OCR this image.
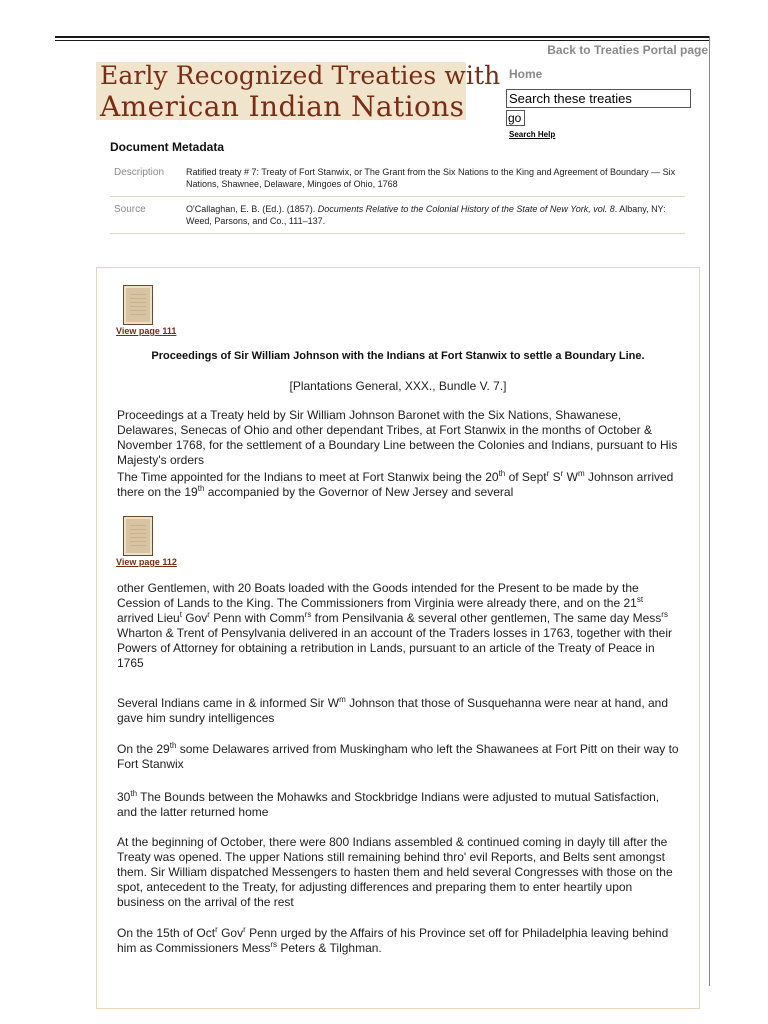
Back to Treaties Portal page
Early Recognized Treaties with
American Indian Nations
Home
Search these treaties
go
Search Help
Document Metadata
Description	Ratified treaty # 7: Treaty of Fort Stanwix, or The Grant from the Six Nations to the King and Agreement of Boundary — Six Nations, Shawnee, Delaware, Mingoes of Ohio, 1768
Source	O'Callaghan, E. B. (Ed.). (1857). Documents Relative to the Colonial History of the State of New York, vol. 8. Albany, NY: Weed, Parsons, and Co., 111–137.
View page 111
Proceedings of Sir William Johnson with the Indians at Fort Stanwix to settle a Boundary Line.
[Plantations General, XXX., Bundle V. 7.]
Proceedings at a Treaty held by Sir William Johnson Baronet with the Six Nations, Shawanese, Delawares, Senecas of Ohio and other dependant Tribes, at Fort Stanwix in the months of October & November 1768, for the settlement of a Boundary Line between the Colonies and Indians, pursuant to His Majesty's orders
The Time appointed for the Indians to meet at Fort Stanwix being the 20th of Sept$^r$ $S^r$ $W^m$ Johnson arrived there on the 19th accompanied by the Governor of New Jersey and several
View page 112
other Gentlemen, with 20 Boats loaded with the Goods intended for the Present to be made by the Cession of Lands to the King. The Commissioners from Virginia were already there, and on the 21st arrived Lieu$^t$ Gov$^r$ Penn with Comm$^{rs}$ from Pensilvania & several other gentlemen, The same day Mess$^{rs}$ Wharton & Trent of Pensylvania delivered in an account of the Traders losses in 1763, together with their Powers of Attorney for obtaining a retribution in Lands, pursuant to an article of the Treaty of Peace in 1765
Several Indians came in & informed Sir $W^m$ Johnson that those of Susquehanna were near at hand, and gave him sundry intelligences
On the 29th some Delawares arrived from Muskingham who left the Shawanees at Fort Pitt on their way to Fort Stanwix
30th The Bounds between the Mohawks and Stockbridge Indians were adjusted to mutual Satisfaction, and the latter returned home
At the beginning of October, there were 800 Indians assembled & continued coming in dayly till after the Treaty was opened. The upper Nations still remaining behind thro' evil Reports, and Belts sent amongst them. Sir William dispatched Messengers to hasten them and held several Congresses with those on the spot, antecedent to the Treaty, for adjusting differences and preparing them to enter heartily upon business on the arrival of the rest
On the 15th of Oct$^r$ Gov$^r$ Penn urged by the Affairs of his Province set off for Philadelphia leaving behind him as Commissioners Mess$^{rs}$ Peters & Tilghman.
